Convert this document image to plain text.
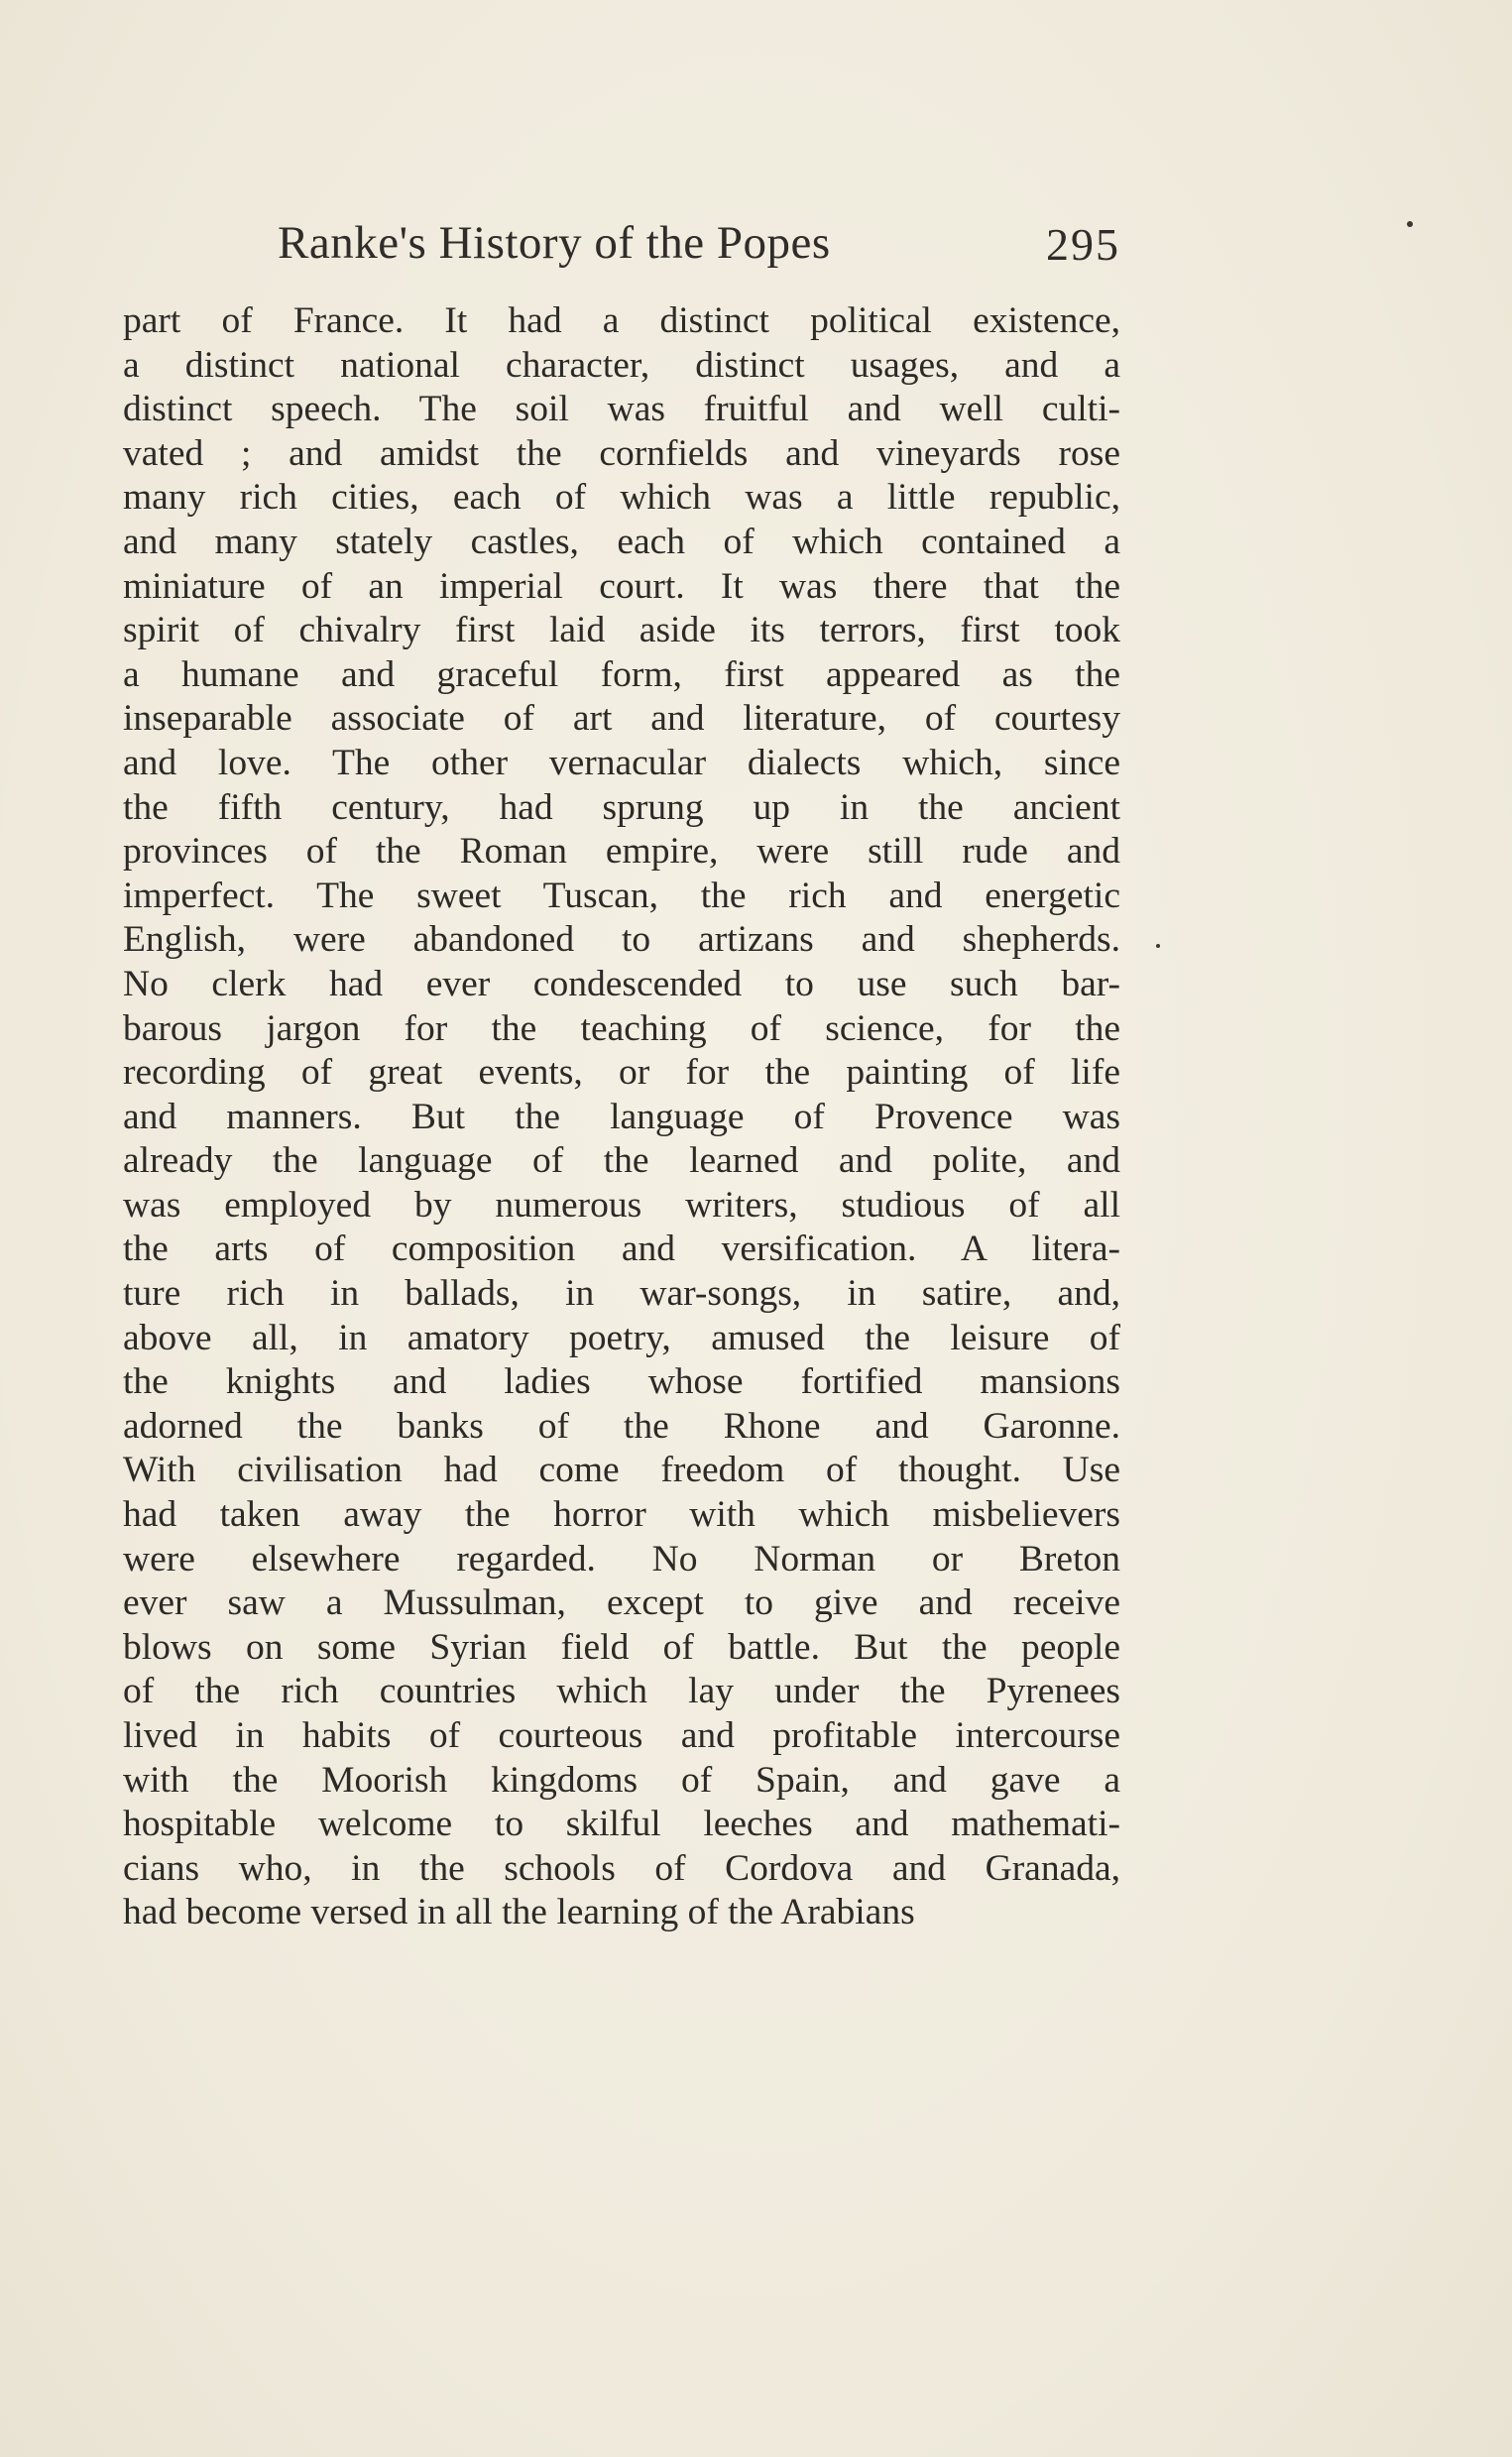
Ranke's History of the Popes	295
part of France. It had a distinct political existence,
a distinct national character, distinct usages, and a
distinct speech. The soil was fruitful and well culti-
vated ; and amidst the cornfields and vineyards rose
many rich cities, each of which was a little republic,
and many stately castles, each of which contained a
miniature of an imperial court. It was there that the
spirit of chivalry first laid aside its terrors, first took
a humane and graceful form, first appeared as the
inseparable associate of art and literature, of courtesy
and love. The other vernacular dialects which, since
the fifth century, had sprung up in the ancient
provinces of the Roman empire, were still rude and
imperfect. The sweet Tuscan, the rich and energetic
English, were abandoned to artizans and shepherds.
No clerk had ever condescended to use such bar-
barous jargon for the teaching of science, for the
recording of great events, or for the painting of life
and manners. But the language of Provence was
already the language of the learned and polite, and
was employed by numerous writers, studious of all
the arts of composition and versification. A litera-
ture rich in ballads, in war-songs, in satire, and,
above all, in amatory poetry, amused the leisure of
the knights and ladies whose fortified mansions
adorned the banks of the Rhone and Garonne.
With civilisation had come freedom of thought. Use
had taken away the horror with which misbelievers
were elsewhere regarded. No Norman or Breton
ever saw a Mussulman, except to give and receive
blows on some Syrian field of battle. But the people
of the rich countries which lay under the Pyrenees
lived in habits of courteous and profitable intercourse
with the Moorish kingdoms of Spain, and gave a
hospitable welcome to skilful leeches and mathemati-
cians who, in the schools of Cordova and Granada,
had become versed in all the learning of the Arabians
